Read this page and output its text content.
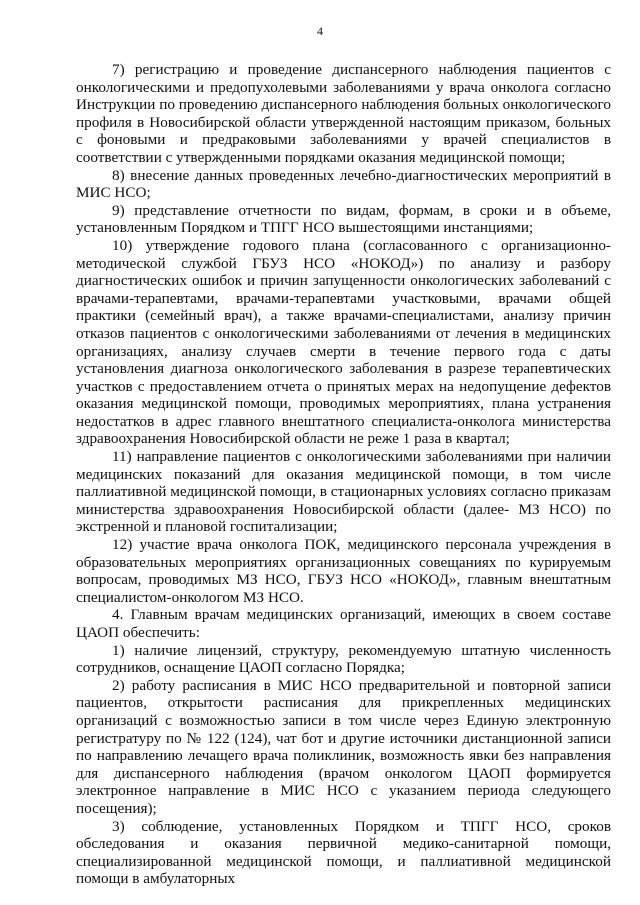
4

7) регистрацию и проведение диспансерного наблюдения пациентов с онкологическими и предопухолевыми заболеваниями у врача онколога согласно Инструкции по проведению диспансерного наблюдения больных онкологического профиля в Новосибирской области утвержденной настоящим приказом, больных с фоновыми и предраковыми заболеваниями у врачей специалистов в соответствии с утвержденными порядками оказания медицинской помощи;

8) внесение данных проведенных лечебно-диагностических мероприятий в МИС НСО;

9) представление отчетности по видам, формам, в сроки и в объеме, установленным Порядком и ТПГГ НСО вышестоящими инстанциями;

10) утверждение годового плана (согласованного с организационно-методической службой ГБУЗ НСО «НОКОД») по анализу и разбору диагностических ошибок и причин запущенности онкологических заболеваний с врачами-терапевтами, врачами-терапевтами участковыми, врачами общей практики (семейный врач), а также врачами-специалистами, анализу причин отказов пациентов с онкологическими заболеваниями от лечения в медицинских организациях, анализу случаев смерти в течение первого года с даты установления диагноза онкологического заболевания в разрезе терапевтических участков с предоставлением отчета о принятых мерах на недопущение дефектов оказания медицинской помощи, проводимых мероприятиях, плана устранения недостатков в адрес главного внештатного специалиста-онколога министерства здравоохранения Новосибирской области не реже 1 раза в квартал;

11) направление пациентов с онкологическими заболеваниями при наличии медицинских показаний для оказания медицинской помощи, в том числе паллиативной медицинской помощи, в стационарных условиях согласно приказам министерства здравоохранения Новосибирской области (далее- МЗ НСО) по экстренной и плановой госпитализации;

12) участие врача онколога ПОК, медицинского персонала учреждения в образовательных мероприятиях организационных совещаниях по курируемым вопросам, проводимых МЗ НСО, ГБУЗ НСО «НОКОД», главным внештатным специалистом-онкологом МЗ НСО.

4. Главным врачам медицинских организаций, имеющих в своем составе ЦАОП обеспечить:

1) наличие лицензий, структуру, рекомендуемую штатную численность сотрудников, оснащение ЦАОП согласно Порядка;

2) работу расписания в МИС НСО предварительной и повторной записи пациентов, открытости расписания для прикрепленных медицинских организаций с возможностью записи в том числе через Единую электронную регистратуру по № 122 (124), чат бот и другие источники дистанционной записи по направлению лечащего врача поликлиник, возможность явки без направления для диспансерного наблюдения (врачом онкологом ЦАОП формируется электронное направление в МИС НСО с указанием периода следующего посещения);

3) соблюдение, установленных Порядком и ТПГГ НСО, сроков обследования и оказания первичной медико-санитарной помощи, специализированной медицинской помощи, и паллиативной медицинской помощи в амбулаторных
